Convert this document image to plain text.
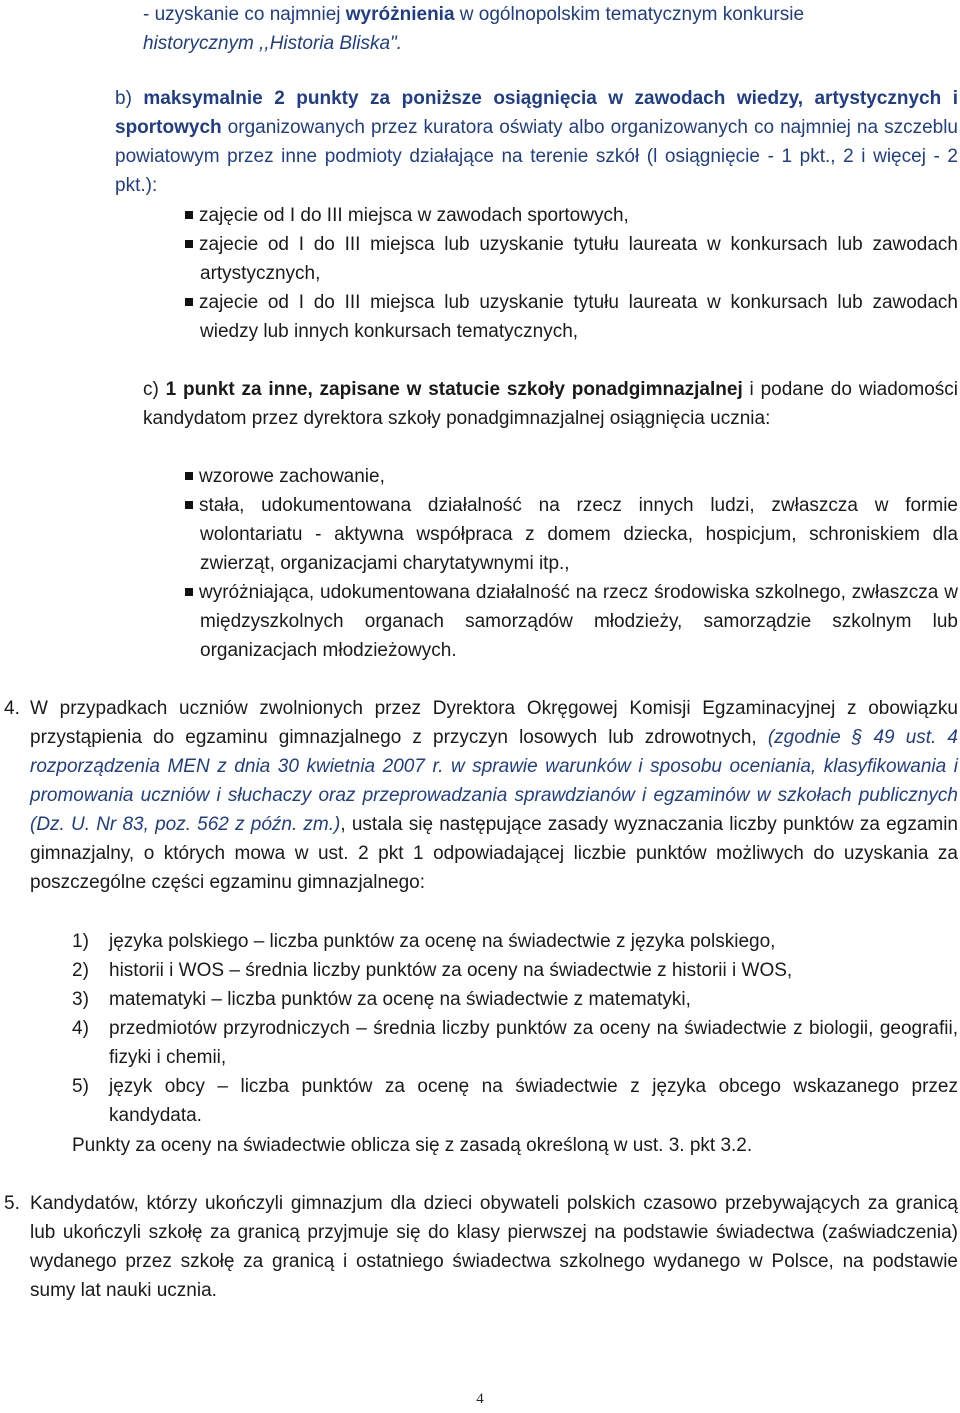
- uzyskanie co najmniej wyróżnienia w ogólnopolskim tematycznym konkursie
historycznym ,,Historia Bliska".
b) maksymalnie 2 punkty za poniższe osiągnięcia w zawodach wiedzy, artystycznych i sportowych organizowanych przez kuratora oświaty albo organizowanych co najmniej na szczeblu powiatowym przez inne podmioty działające na terenie szkół (l osiągnięcie - 1 pkt., 2 i więcej - 2 pkt.):
zajęcie od I do III miejsca w zawodach sportowych,
zajecie od I do III miejsca lub uzyskanie tytułu laureata w konkursach lub zawodach artystycznych,
zajecie od I do III miejsca lub uzyskanie tytułu laureata w konkursach lub zawodach wiedzy lub innych konkursach tematycznych,
c) 1 punkt za inne, zapisane w statucie szkoły ponadgimnazjalnej i podane do wiadomości kandydatom przez dyrektora szkoły ponadgimnazjalnej osiągnięcia ucznia:
wzorowe zachowanie,
stała, udokumentowana działalność na rzecz innych ludzi, zwłaszcza w formie wolontariatu - aktywna współpraca z domem dziecka, hospicjum, schroniskiem dla zwierząt, organizacjami charytatywnymi itp.,
wyróżniająca, udokumentowana działalność na rzecz środowiska szkolnego, zwłaszcza w międzyszkolnych organach samorządów młodzieży, samorządzie szkolnym lub organizacjach młodzieżowych.
4. W przypadkach uczniów zwolnionych przez Dyrektora Okręgowej Komisji Egzaminacyjnej z obowiązku przystąpienia do egzaminu gimnazjalnego z przyczyn losowych lub zdrowotnych, (zgodnie § 49 ust. 4 rozporządzenia MEN z dnia 30 kwietnia 2007 r. w sprawie warunków i sposobu oceniania, klasyfikowania i promowania uczniów i słuchaczy oraz przeprowadzania sprawdzianów i egzaminów w szkołach publicznych (Dz. U. Nr 83, poz. 562 z późn. zm.), ustala się następujące zasady wyznaczania liczby punktów za egzamin gimnazjalny, o których mowa w ust. 2 pkt 1 odpowiadającej liczbie punktów możliwych do uzyskania za poszczególne części egzaminu gimnazjalnego:
1) języka polskiego – liczba punktów za ocenę na świadectwie z języka polskiego,
2) historii i WOS – średnia liczby punktów za oceny na świadectwie z historii i WOS,
3) matematyki – liczba punktów za ocenę na świadectwie z matematyki,
4) przedmiotów przyrodniczych – średnia liczby punktów za oceny na świadectwie z biologii, geografii, fizyki i chemii,
5) język obcy – liczba punktów za ocenę na świadectwie z języka obcego wskazanego przez kandydata.
Punkty za oceny na świadectwie oblicza się z zasadą określoną w ust. 3. pkt 3.2.
5. Kandydatów, którzy ukończyli gimnazjum dla dzieci obywateli polskich czasowo przebywających za granicą lub ukończyli szkołę za granicą przyjmuje się do klasy pierwszej na podstawie świadectwa (zaświadczenia) wydanego przez szkołę za granicą i ostatniego świadectwa szkolnego wydanego w Polsce, na podstawie sumy lat nauki ucznia.
4
